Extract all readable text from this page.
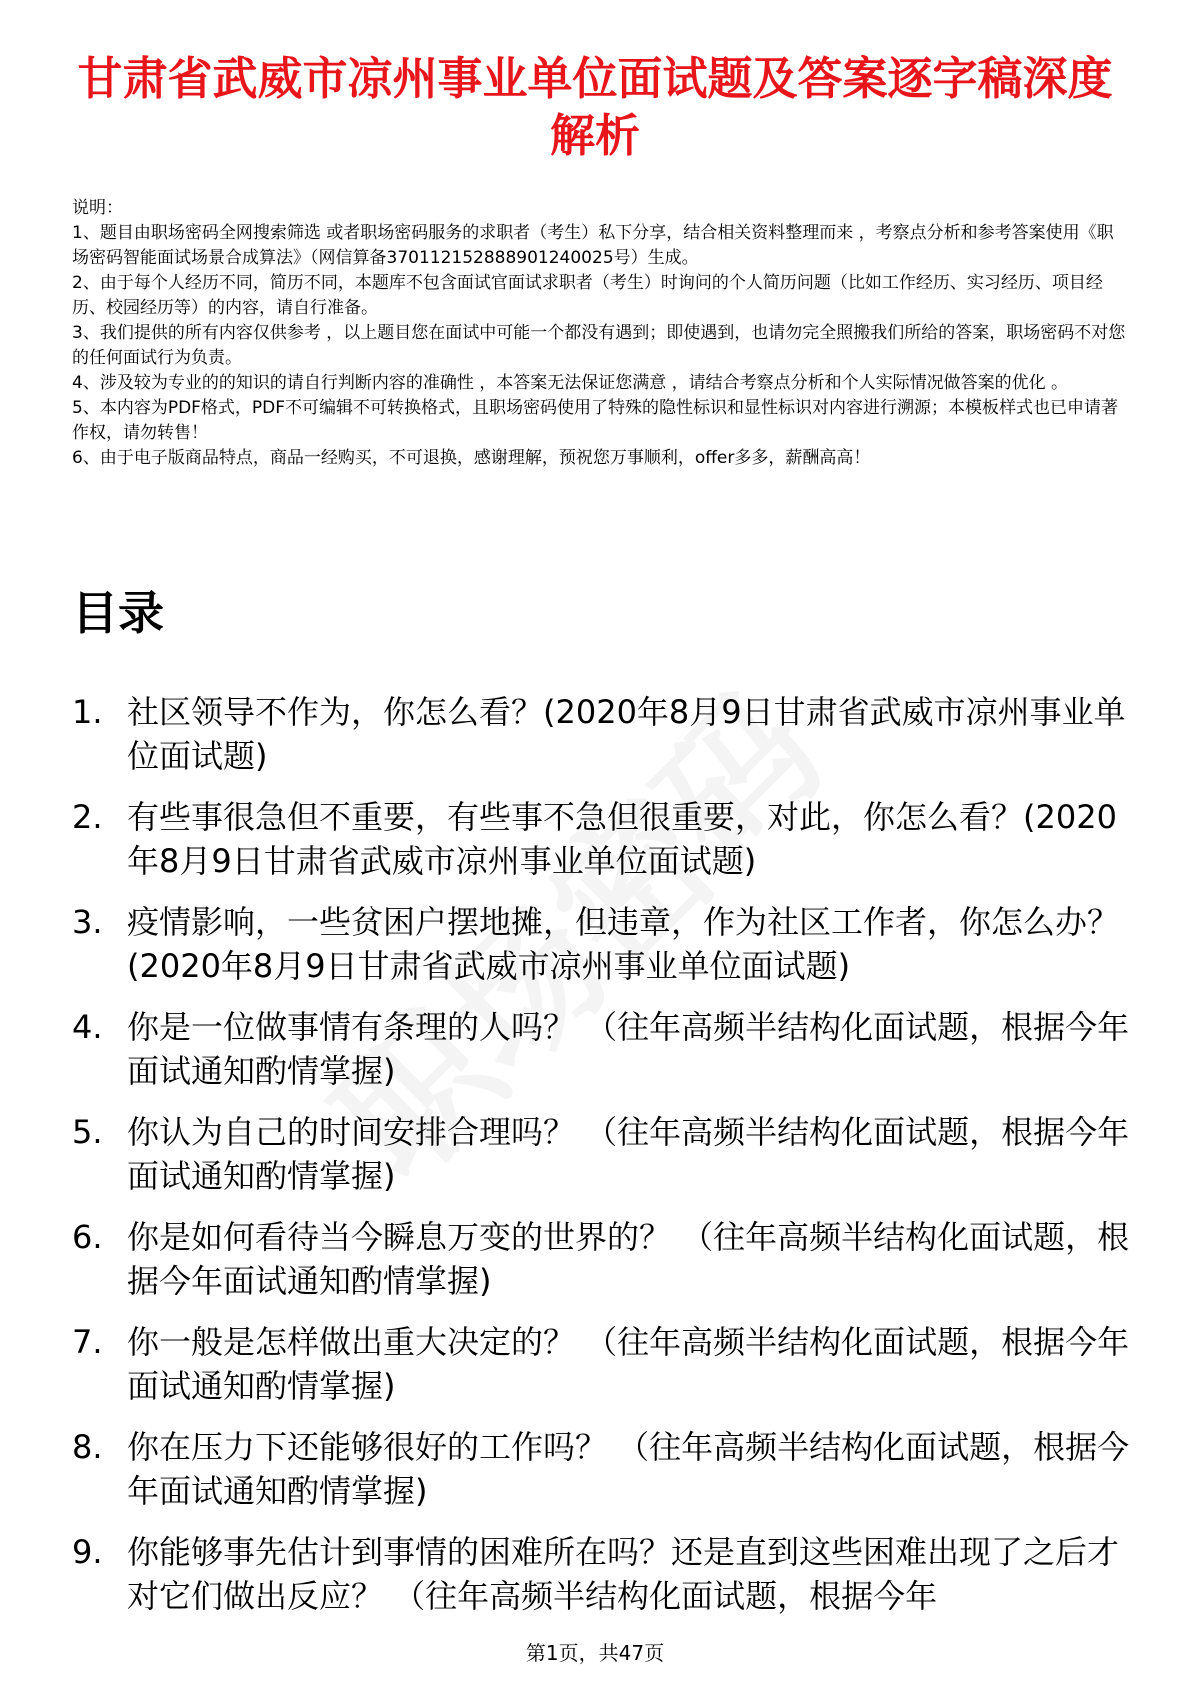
甘肃省武威市凉州事业单位面试题及答案逐字稿深度解析

说明：

1、题目由职场密码全网搜索筛选 或者职场密码服务的求职者（考生）私下分享，结合相关资料整理而来 ，考察点分析和参考答案使用《职场密码智能面试场景合成算法》（网信算备370112152888901240025号）生成。

2、由于每个人经历不同，简历不同，本题库不包含面试官面试求职者（考生）时询问的个人简历问题（比如工作经历、实习经历、项目经历、校园经历等）的内容，请自行准备。

3、我们提供的所有内容仅供参考 ，以上题目您在面试中可能一个都没有遇到；即使遇到，也请勿完全照搬我们所给的答案，职场密码不对您的任何面试行为负责。

4、涉及较为专业的的知识的请自行判断内容的准确性 ，本答案无法保证您满意 ，请结合考察点分析和个人实际情况做答案的优化 。

5、本内容为PDF格式，PDF不可编辑不可转换格式，且职场密码使用了特殊的隐性标识和显性标识对内容进行溯源；本模板样式也已申请著作权，请勿转售！

6、由于电子版商品特点，商品一经购买，不可退换，感谢理解，预祝您万事顺利，offer多多，薪酬高高！

目录
1. 社区领导不作为，你怎么看？(2020年8月9日甘肃省武威市凉州事业单位面试题)
2. 有些事很急但不重要，有些事不急但很重要，对此，你怎么看？(2020年8月9日甘肃省武威市凉州事业单位面试题)
3. 疫情影响，一些贫困户摆地摊，但违章，作为社区工作者，你怎么办？(2020年8月9日甘肃省武威市凉州事业单位面试题)
4. 你是一位做事情有条理的人吗？ （往年高频半结构化面试题，根据今年面试通知酌情掌握)
5. 你认为自己的时间安排合理吗？ （往年高频半结构化面试题，根据今年面试通知酌情掌握)
6. 你是如何看待当今瞬息万变的世界的？ （往年高频半结构化面试题，根据今年面试通知酌情掌握)
7. 你一般是怎样做出重大决定的？ （往年高频半结构化面试题，根据今年面试通知酌情掌握)
8. 你在压力下还能够很好的工作吗？ （往年高频半结构化面试题，根据今年面试通知酌情掌握)
9. 你能够事先估计到事情的困难所在吗？还是直到这些困难出现了之后才对它们做出反应？ （往年高频半结构化面试题，根据今年
第1页，共47页
